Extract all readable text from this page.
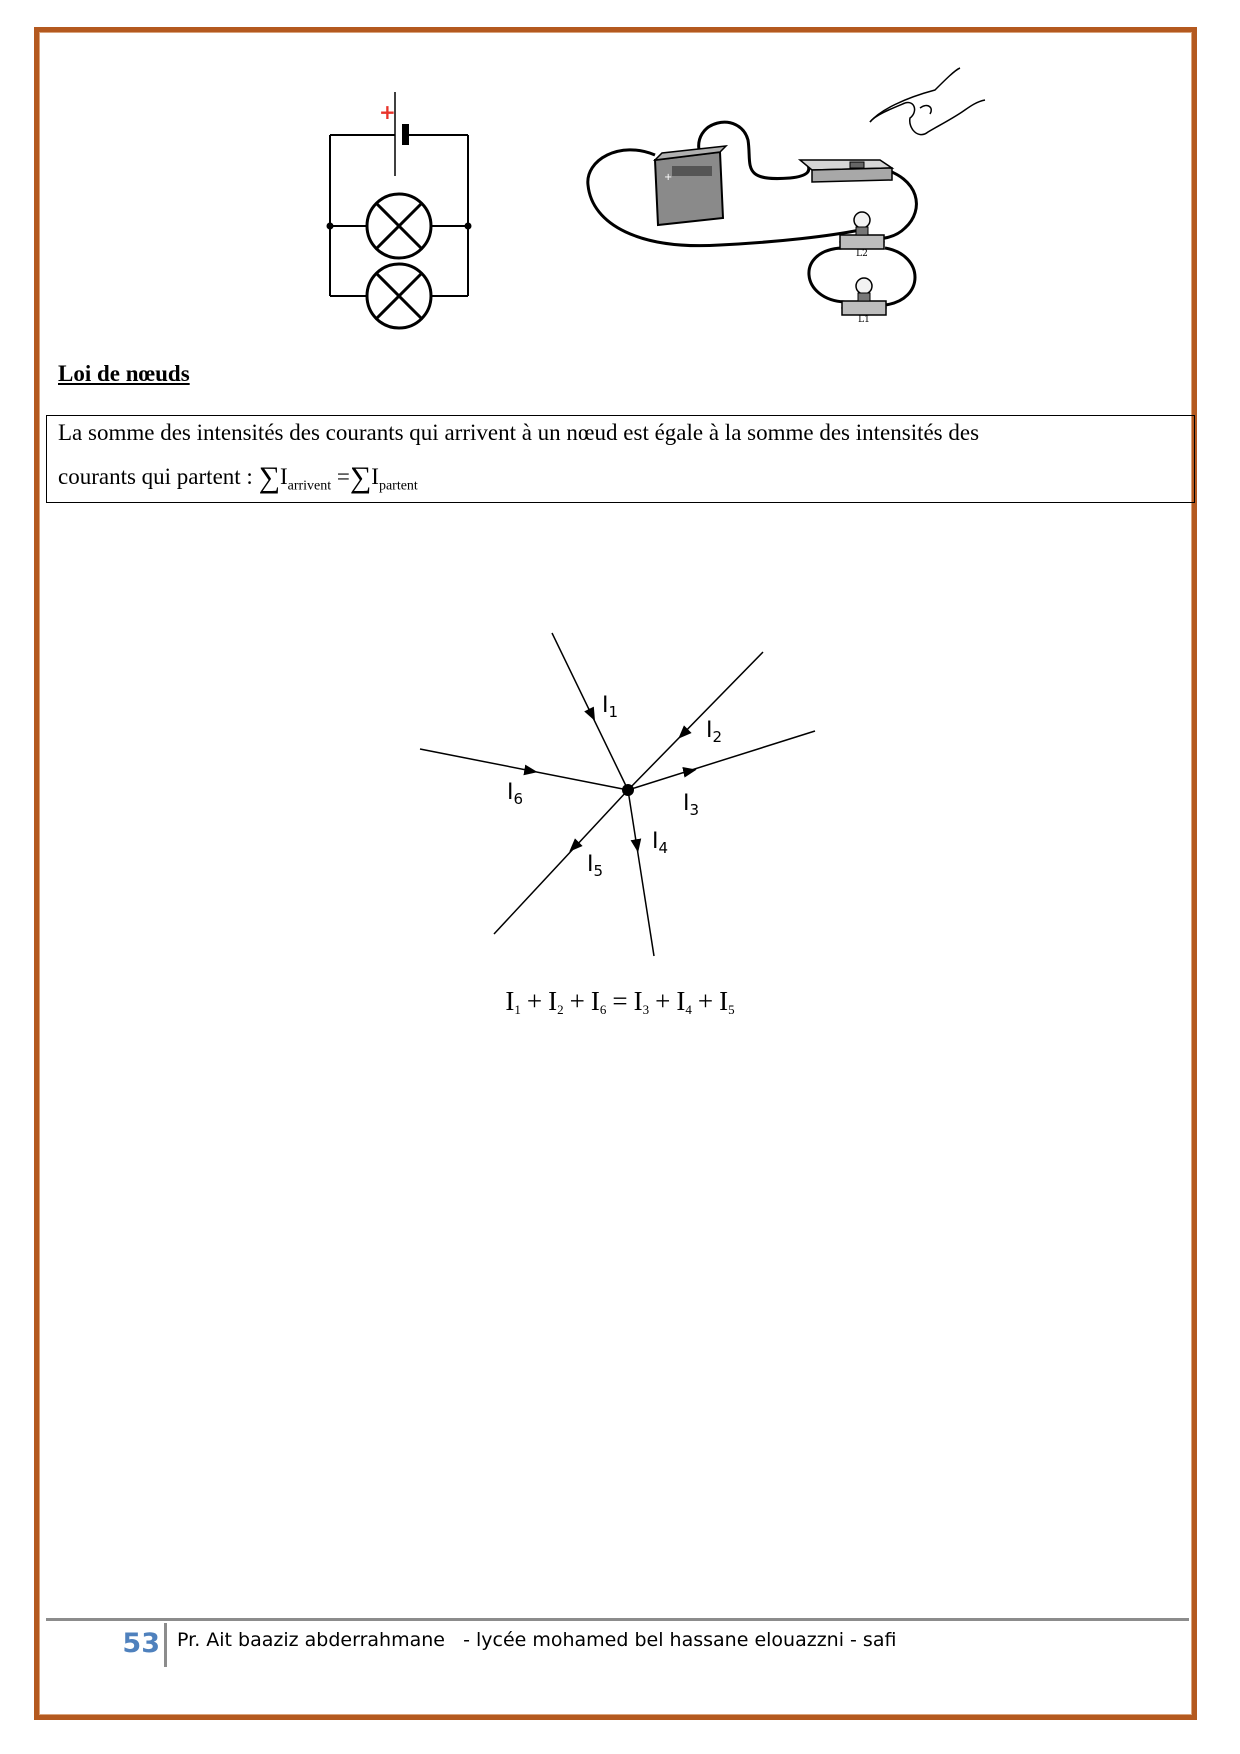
+
+
L2
L1
$I_1$
$I_2$
$I_3$
$I_4$
$I_5$
$I_6$
Loi de nœuds
La somme des intensités des courants qui arrivent à un nœud est égale à la somme des intensités des
courants qui partent : $\sum I_{arrivent} =\sum I_{partent}$
$I_1 + I_2 + I_6 = I_3 + I_4 + I_5$
53 Pr. Ait baaziz abderrahmane   - lycée mohamed bel hassane elouazzni - safi
